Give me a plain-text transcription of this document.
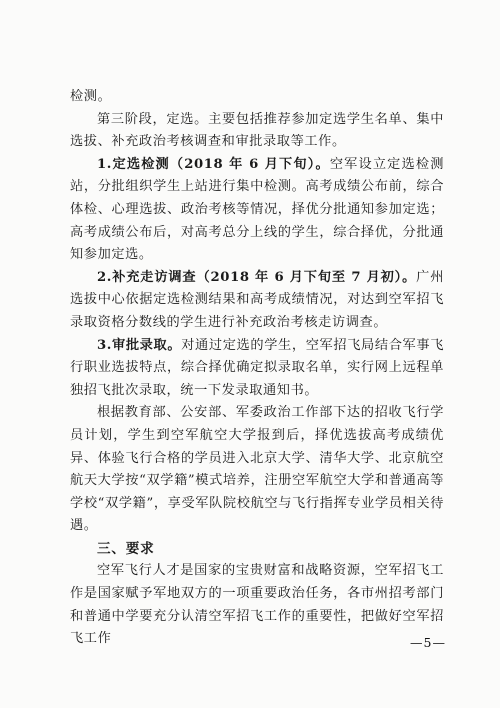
检测。

第三阶段，定选。主要包括推荐参加定选学生名单、集中选拔、补充政治考核调查和审批录取等工作。

1.定选检测（2018 年 6 月下旬）。空军设立定选检测站，分批组织学生上站进行集中检测。高考成绩公布前，综合体检、心理选拔、政治考核等情况，择优分批通知参加定选；高考成绩公布后，对高考总分上线的学生，综合择优，分批通知参加定选。

2.补充走访调查（2018 年 6 月下旬至 7 月初）。广州选拔中心依据定选检测结果和高考成绩情况，对达到空军招飞录取资格分数线的学生进行补充政治考核走访调查。

3.审批录取。对通过定选的学生，空军招飞局结合军事飞行职业选拔特点，综合择优确定拟录取名单，实行网上远程单独招飞批次录取，统一下发录取通知书。

根据教育部、公安部、军委政治工作部下达的招收飞行学员计划，学生到空军航空大学报到后，择优选拔高考成绩优异、体验飞行合格的学员进入北京大学、清华大学、北京航空航天大学按“双学籍”模式培养，注册空军航空大学和普通高等学校“双学籍”，享受军队院校航空与飞行指挥专业学员相关待遇。

三、要求

空军飞行人才是国家的宝贵财富和战略资源，空军招飞工作是国家赋予军地双方的一项重要政治任务，各市州招考部门和普通中学要充分认清空军招飞工作的重要性，把做好空军招飞工作	—5—
